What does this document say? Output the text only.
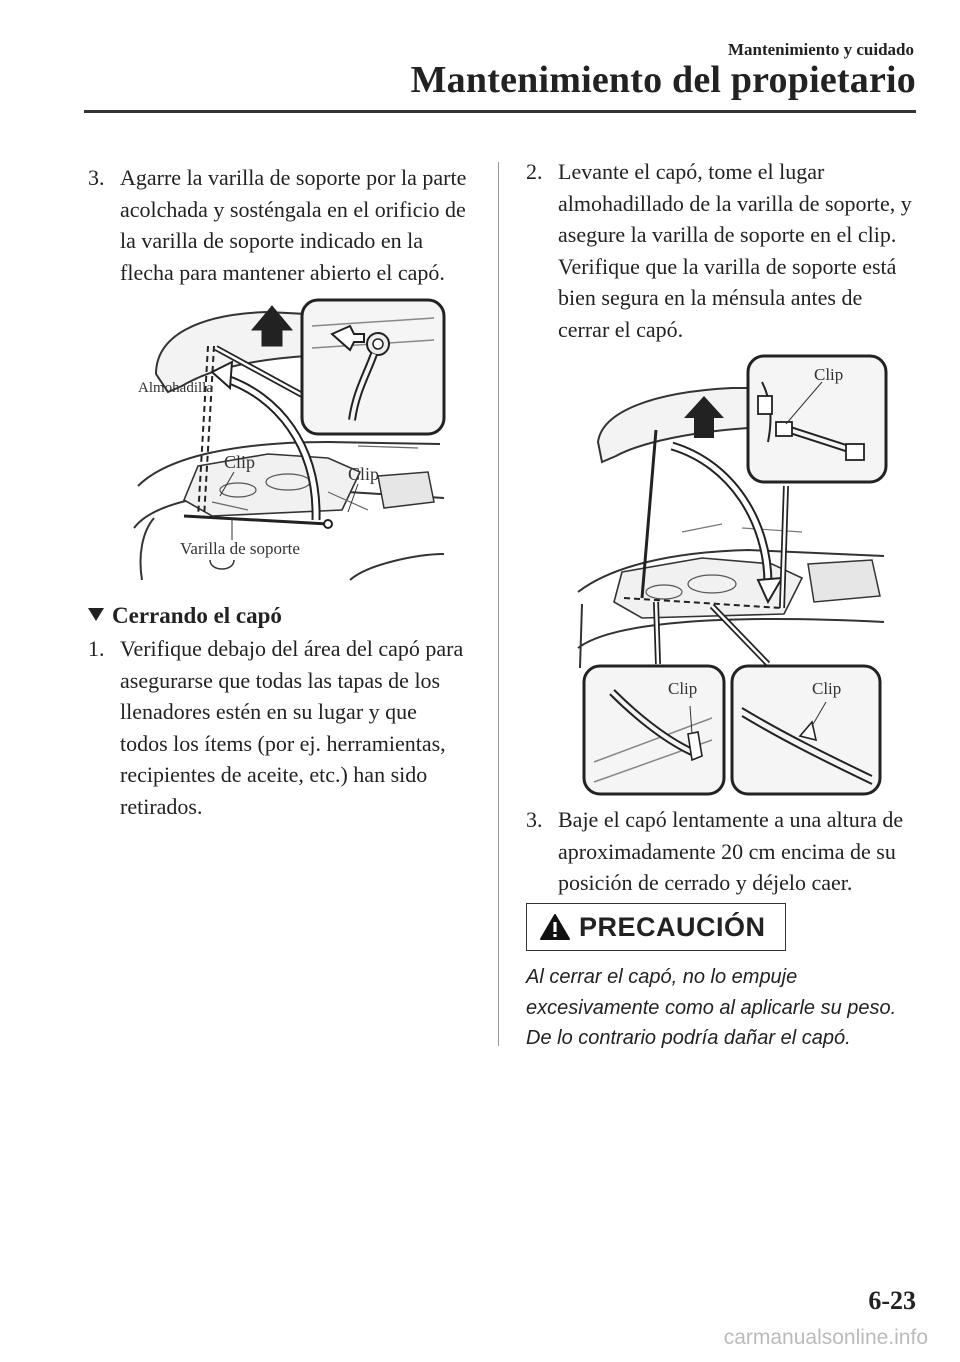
Mantenimiento y cuidado
Mantenimiento del propietario
3. Agarre la varilla de soporte por la parte acolchada y sosténgala en el orificio de la varilla de soporte indicado en la flecha para mantener abierto el capó.
Almohadilla
Clip
Clip
Varilla de soporte
Cerrando el capó
1. Verifique debajo del área del capó para asegurarse que todas las tapas de los llenadores estén en su lugar y que todos los ítems (por ej. herramientas, recipientes de aceite, etc.) han sido retirados.
2. Levante el capó, tome el lugar almohadillado de la varilla de soporte, y asegure la varilla de soporte en el clip. Verifique que la varilla de soporte está bien segura en la ménsula antes de cerrar el capó.
Clip
Clip	Clip
3. Baje el capó lentamente a una altura de aproximadamente 20 cm encima de su posición de cerrado y déjelo caer.
PRECAUCIÓN
Al cerrar el capó, no lo empuje excesivamente como al aplicarle su peso. De lo contrario podría dañar el capó.
6-23
carmanualsonline.info
